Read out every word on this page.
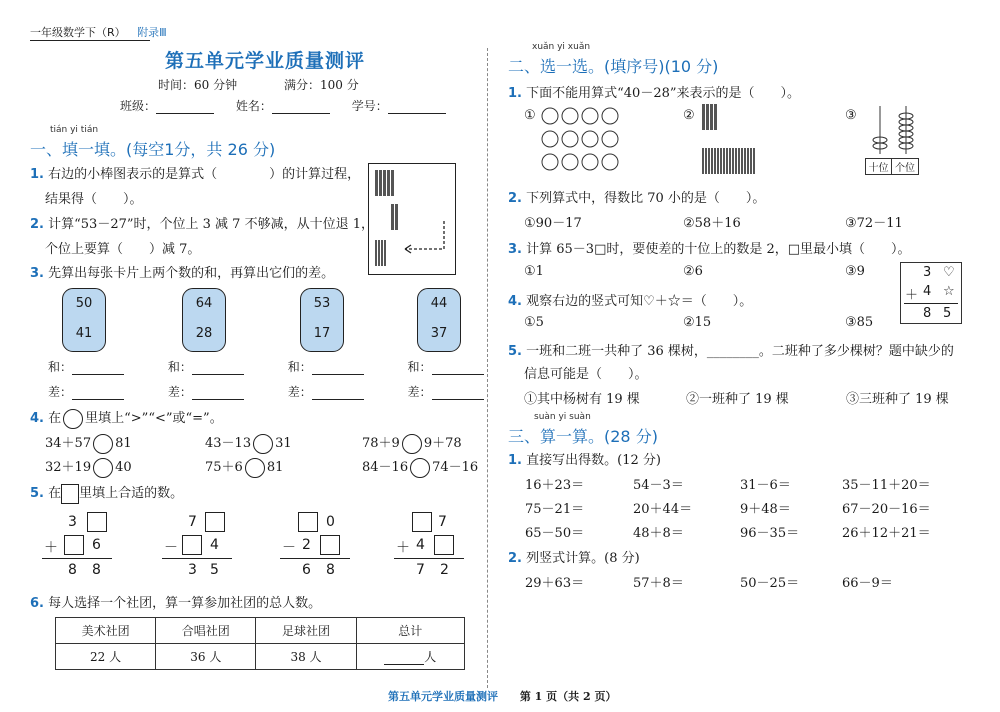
一年级数学下（R） 附录Ⅲ
第五单元学业质量测评
时间：60 分钟	满分：100 分
班级：	姓名：	学号：
tián yi tián
一、填一填。(每空1分，共 26 分)
1. 右边的小棒图表示的是算式（　　　　）的计算过程，
结果得（　　）。
2. 计算“53－27”时，个位上 3 减 7 不够减，从十位退 1，
个位上要算（　　）减 7。
3. 先算出每张卡片上两个数的和，再算出它们的差。
50
41
64
28
53
17
44
37
和：	和：	和：	和：
差：	差：	差：	差：
4. 在 里填上“>”“<”或“=”。
34＋57 81	43－13 31	78＋9 9＋78
32＋19 40	75＋6 81	84－16 74－16
5. 在 里填上合适的数。
3
＋ 6
8 8
7
－ 4
3 5
0
－ 2
6 8
7
＋ 4
7 2
6. 每人选择一个社团，算一算参加社团的总人数。
美术社团	合唱社团	足球社团	总计
22 人	36 人	38 人	人
xuǎn yi xuǎn
二、选一选。(填序号)(10 分)
1. 下面不能用算式“40－28”来表示的是（　　）。
①	②	③
十位 个位
2. 下列算式中，得数比 70 小的是（　　）。
①90－17	②58＋16	③72－11
3. 计算 65－3□时，要使差的十位上的数是 2，□里最小填（　　）。
①1	②6	③9
4. 观察右边的竖式可知♡＋☆＝（　　）。
①5	②15	③85
3 ♡
＋ 4 ☆
8 5
5. 一班和二班一共种了 36 棵树，________。二班种了多少棵树？题中缺少的
信息可能是（　　）。
①其中杨树有 19 棵	②一班种了 19 棵	③三班种了 19 棵
suàn yi suàn
三、算一算。(28 分)
1. 直接写出得数。(12 分)
16＋23＝	54－3＝	31－6＝	35－11＋20＝
75－21＝	20＋44＝	9＋48＝	67－20－16＝
65－50＝	48＋8＝	96－35＝	26＋12＋21＝
2. 列竖式计算。(8 分)
29＋63＝	57＋8＝	50－25＝	66－9＝
第五单元学业质量测评 第 1 页（共 2 页）
